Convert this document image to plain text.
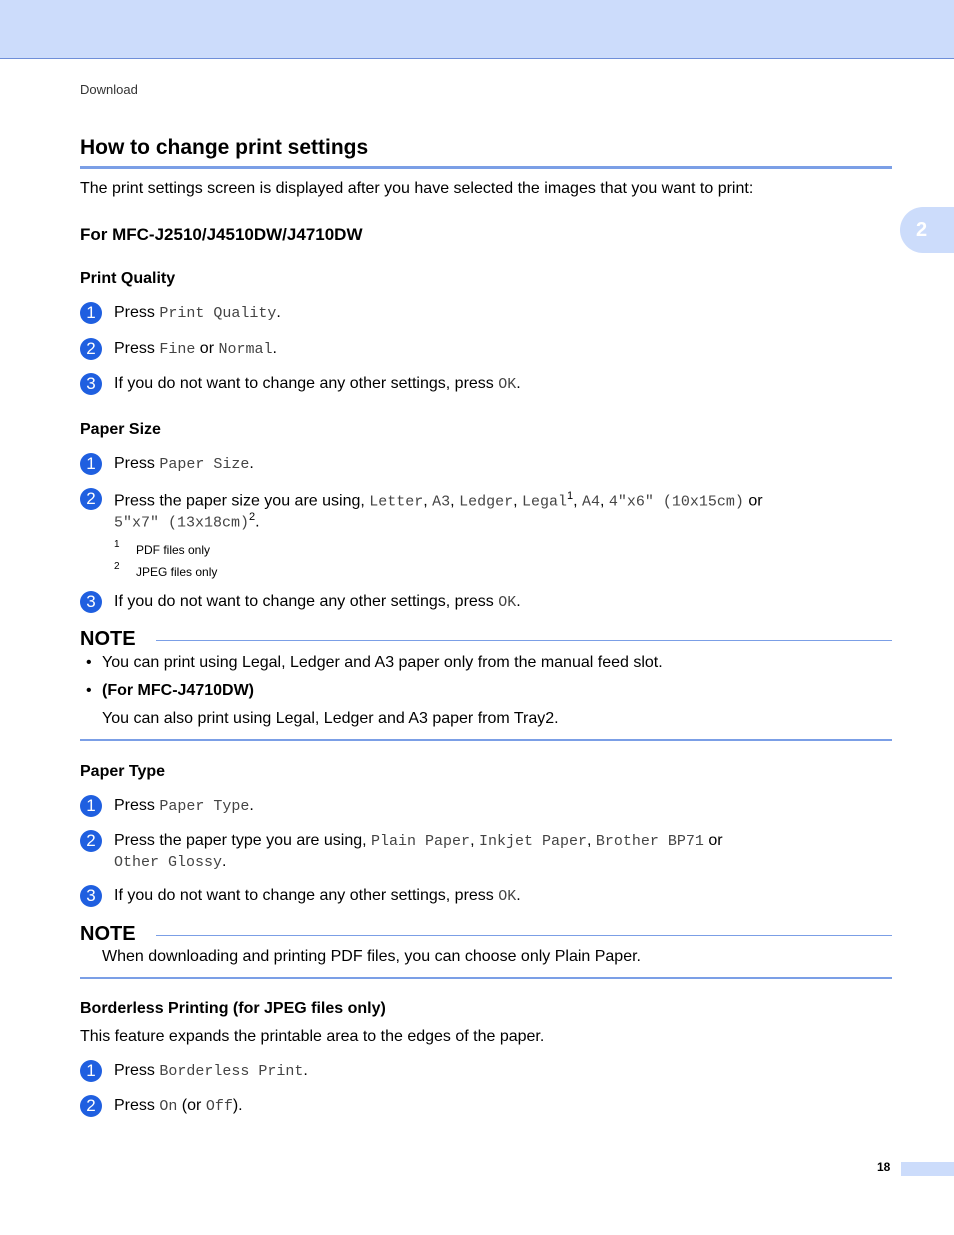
Download
2
How to change print settings
The print settings screen is displayed after you have selected the images that you want to print:
For MFC-J2510/J4510DW/J4710DW
Print Quality
1	Press Print Quality.
2	Press Fine or Normal.
3	If you do not want to change any other settings, press OK.
Paper Size
1	Press Paper Size.
2	Press the paper size you are using, Letter, A3, Ledger, Legal$^1$, A4, 4"x6" (10x15cm) or
5"x7" $(13x18cm)^2$.
1 PDF files only
2 JPEG files only
3	If you do not want to change any other settings, press OK.
NOTE
• You can print using Legal, Ledger and A3 paper only from the manual feed slot.
• (For MFC-J4710DW)
You can also print using Legal, Ledger and A3 paper from Tray2.
Paper Type
1	Press Paper Type.
2	Press the paper type you are using, Plain Paper, Inkjet Paper, Brother BP71 or
Other Glossy.
3	If you do not want to change any other settings, press OK.
NOTE
When downloading and printing PDF files, you can choose only Plain Paper.
Borderless Printing (for JPEG files only)
This feature expands the printable area to the edges of the paper.
1	Press Borderless Print.
2	Press On (or Off).
18
